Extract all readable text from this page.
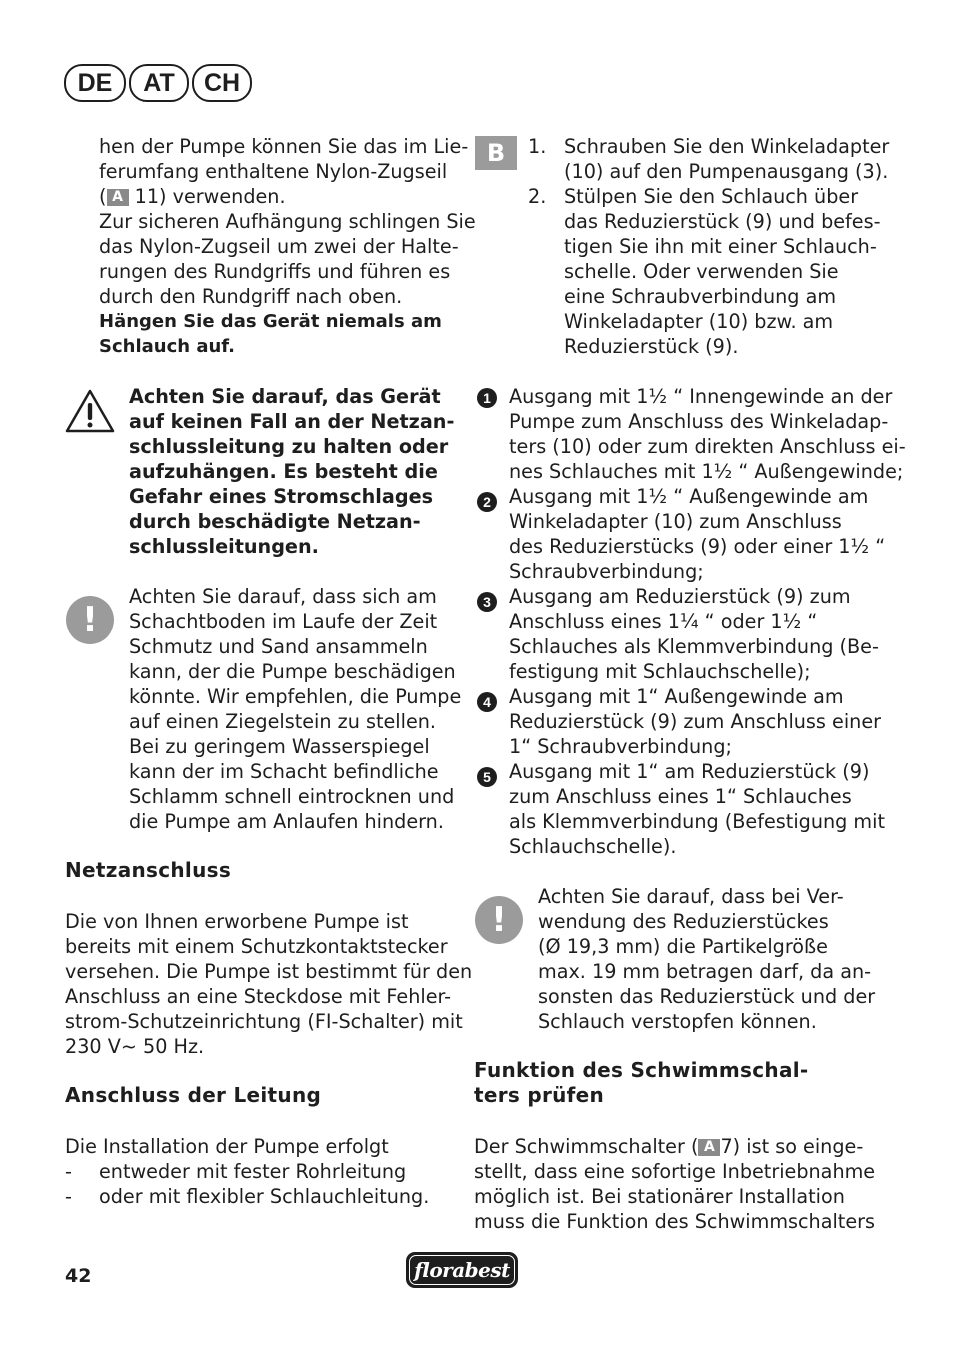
DE	AT	CH
hen der Pumpe können Sie das im Lie-
ferumfang enthaltene Nylon-Zugseil
( A 11) verwenden.
Zur sicheren Aufhängung schlingen Sie
das Nylon-Zugseil um zwei der Halte-
rungen des Rundgriffs und führen es
durch den Rundgriff nach oben.
Hängen Sie das Gerät niemals am
Schlauch auf.
Achten Sie darauf, das Gerät
auf keinen Fall an der Netzan-
schlussleitung zu halten oder
aufzuhängen. Es besteht die
Gefahr eines Stromschlages
durch beschädigte Netzan-
schlussleitungen.
!
Achten Sie darauf, dass sich am
Schachtboden im Laufe der Zeit
Schmutz und Sand ansammeln
kann, der die Pumpe beschädigen
könnte. Wir empfehlen, die Pumpe
auf einen Ziegelstein zu stellen.
Bei zu geringem Wasserspiegel
kann der im Schacht befindliche
Schlamm schnell eintrocknen und
die Pumpe am Anlaufen hindern.
Netzanschluss
Die von Ihnen erworbene Pumpe ist
bereits mit einem Schutzkontaktstecker
versehen. Die Pumpe ist bestimmt für den
Anschluss an eine Steckdose mit Fehler-
strom-Schutzeinrichtung (FI-Schalter) mit
230 V~ 50 Hz.
Anschluss der Leitung
Die Installation der Pumpe erfolgt
- entweder mit fester Rohrleitung
- oder mit flexibler Schlauchleitung.
B	1. Schrauben Sie den Winkeladapter
(10) auf den Pumpenausgang (3).
2. Stülpen Sie den Schlauch über
das Reduzierstück (9) und befes-
tigen Sie ihn mit einer Schlauch-
schelle. Oder verwenden Sie
eine Schraubverbindung am
Winkeladapter (10) bzw. am
Reduzierstück (9).
1 Ausgang mit 1½ “ Innengewinde an der
Pumpe zum Anschluss des Winkeladap-
ters (10) oder zum direkten Anschluss ei-
nes Schlauches mit 1½ “ Außengewinde;
2 Ausgang mit 1½ “ Außengewinde am
Winkeladapter (10) zum Anschluss
des Reduzierstücks (9) oder einer 1½ “
Schraubverbindung;
3 Ausgang am Reduzierstück (9) zum
Anschluss eines 1¼ “ oder 1½ “
Schlauches als Klemmverbindung (Be-
festigung mit Schlauchschelle);
4 Ausgang mit 1“ Außengewinde am
Reduzierstück (9) zum Anschluss einer
1“ Schraubverbindung;
5 Ausgang mit 1“ am Reduzierstück (9)
zum Anschluss eines 1“ Schlauches
als Klemmverbindung (Befestigung mit
Schlauchschelle).
!
Achten Sie darauf, dass bei Ver-
wendung des Reduzierstückes
(Ø 19,3 mm) die Partikelgröße
max. 19 mm betragen darf, da an-
sonsten das Reduzierstück und der
Schlauch verstopfen können.
Funktion des Schwimmschal-
ters prüfen
Der Schwimmschalter ( A 7) ist so einge-
stellt, dass eine sofortige Inbetriebnahme
möglich ist. Bei stationärer Installation
muss die Funktion des Schwimmschalters
42	florabest
